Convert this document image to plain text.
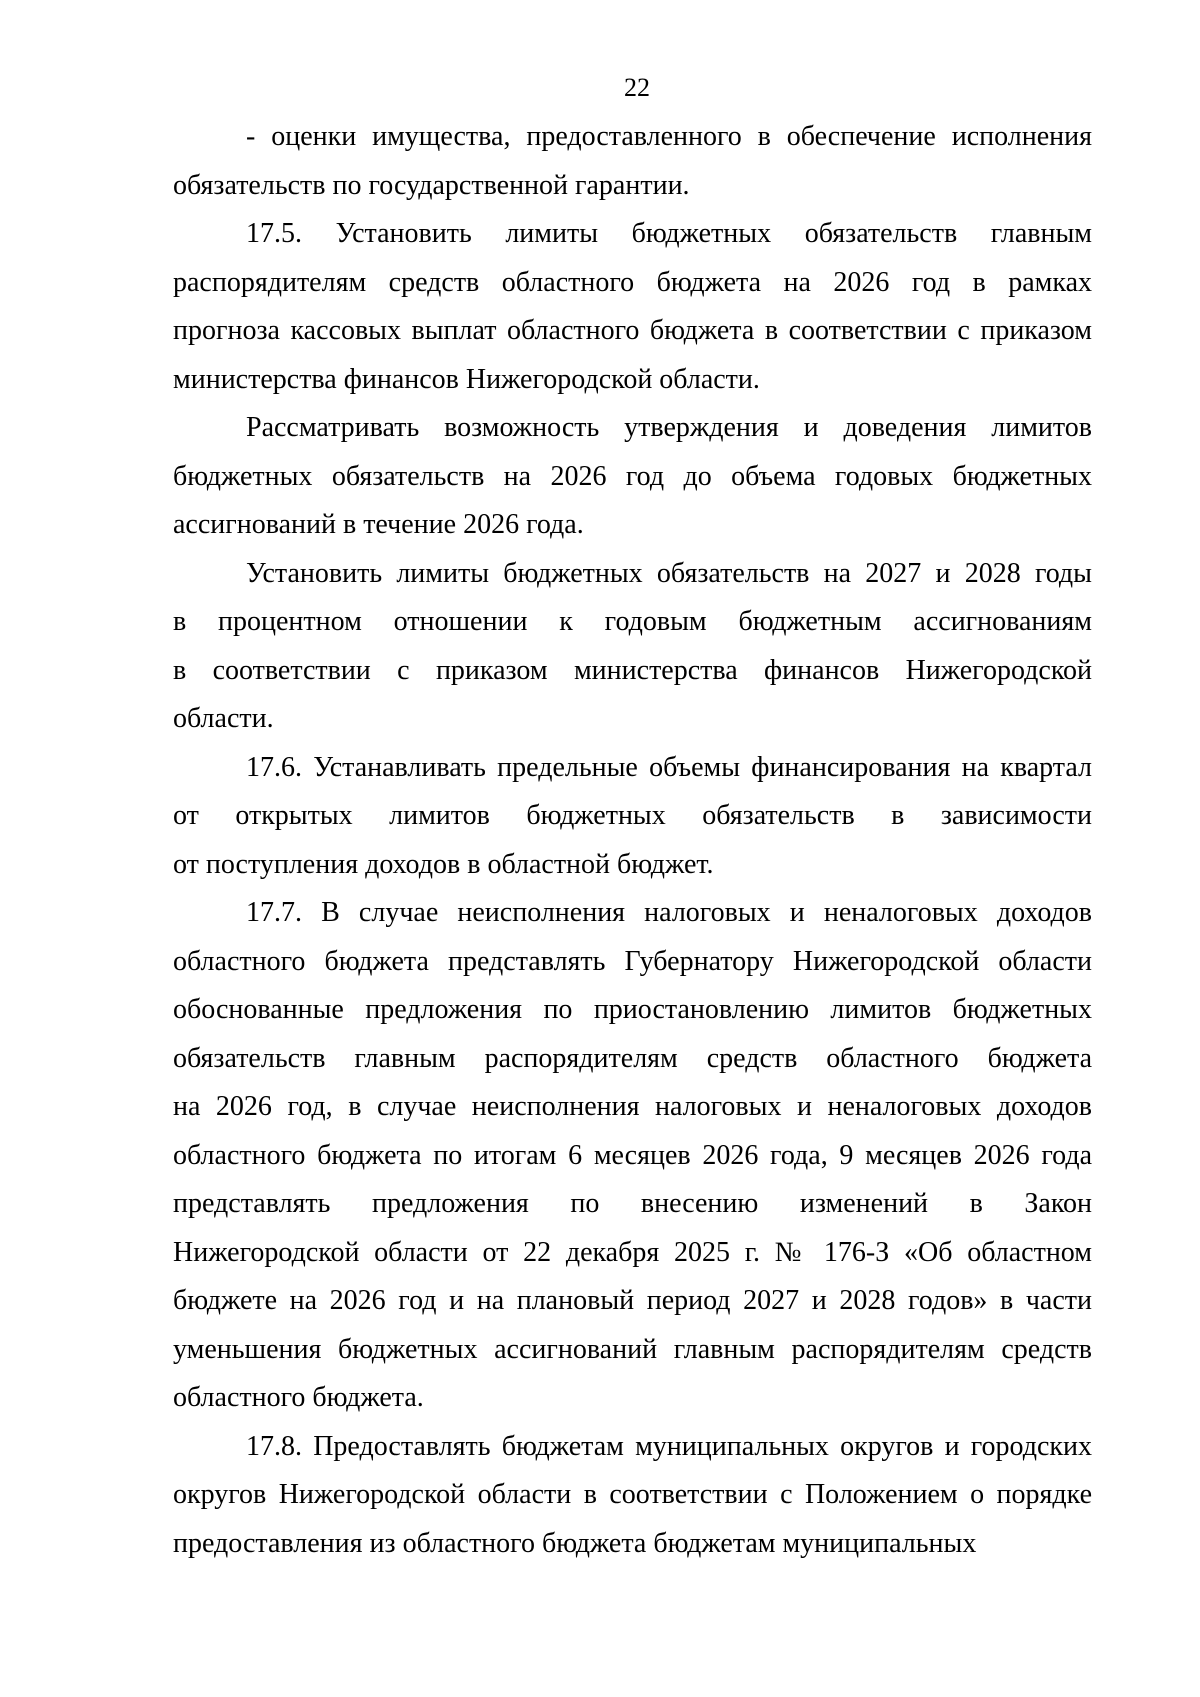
22
- оценки имущества, предоставленного в обеспечение исполнения
обязательств по государственной гарантии.
17.5. Установить лимиты бюджетных обязательств главным
распорядителям средств областного бюджета на 2026 год в рамках
прогноза кассовых выплат областного бюджета в соответствии с приказом
министерства финансов Нижегородской области.
Рассматривать возможность утверждения и доведения лимитов
бюджетных обязательств на 2026 год до объема годовых бюджетных
ассигнований в течение 2026 года.
Установить лимиты бюджетных обязательств на 2027 и 2028 годы
в процентном отношении к годовым бюджетным ассигнованиям
в соответствии с приказом министерства финансов Нижегородской
области.
17.6. Устанавливать предельные объемы финансирования на квартал
от открытых лимитов бюджетных обязательств в зависимости
от поступления доходов в областной бюджет.
17.7. В случае неисполнения налоговых и неналоговых доходов
областного бюджета представлять Губернатору Нижегородской области
обоснованные предложения по приостановлению лимитов бюджетных
обязательств главным распорядителям средств областного бюджета
на 2026 год, в случае неисполнения налоговых и неналоговых доходов
областного бюджета по итогам 6 месяцев 2026 года, 9 месяцев 2026 года
представлять предложения по внесению изменений в Закон
Нижегородской области от 22 декабря 2025 г. № 176-З «Об областном
бюджете на 2026 год и на плановый период 2027 и 2028 годов» в части
уменьшения бюджетных ассигнований главным распорядителям средств
областного бюджета.
17.8. Предоставлять бюджетам муниципальных округов и городских
округов Нижегородской области в соответствии с Положением о порядке
предоставления из областного бюджета бюджетам муниципальных
